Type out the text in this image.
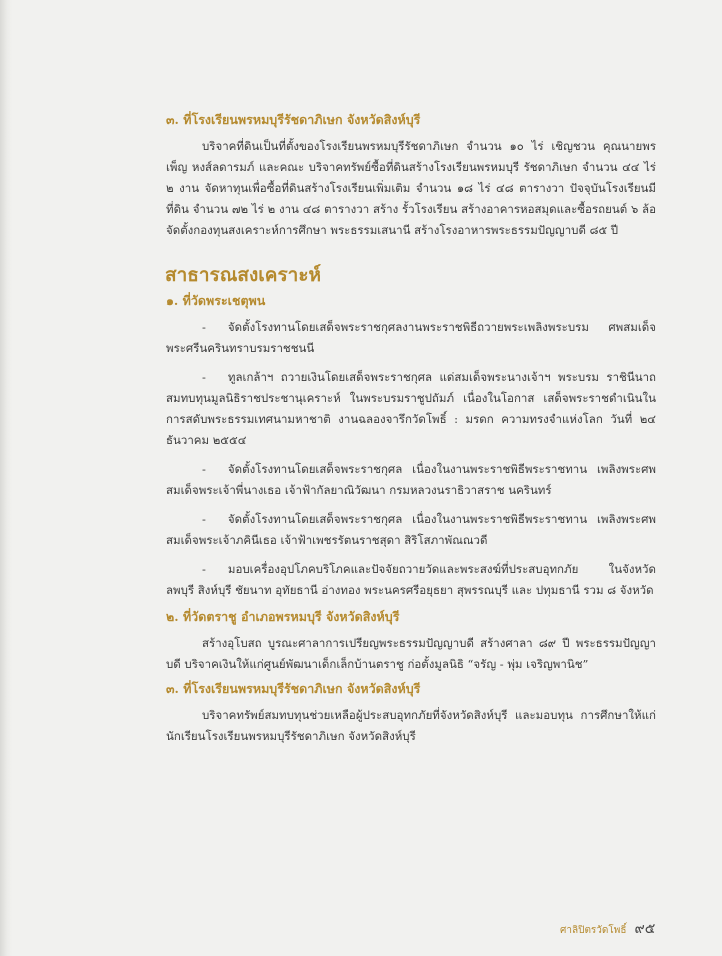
๓. ที่โรงเรียนพรหมบุรีรัชดาภิเษก จังหวัดสิงห์บุรี

บริจาคที่ดินเป็นที่ตั้งของโรงเรียนพรหมบุรีรัชดาภิเษก จำนวน ๑๐ ไร่ เชิญชวน คุณนายพรเพ็ญ หงส์ลดารมภ์ และคณะ บริจาคทรัพย์ซื้อที่ดินสร้างโรงเรียนพรหมบุรี รัชดาภิเษก จำนวน ๔๔ ไร่ ๒ งาน จัดหาทุนเพื่อซื้อที่ดินสร้างโรงเรียนเพิ่มเติม จำนวน ๑๘ ไร่ ๔๘ ตารางวา ปัจจุบันโรงเรียนมีที่ดิน จำนวน ๗๒ ไร่ ๒ งาน ๔๘ ตารางวา สร้าง รั้วโรงเรียน สร้างอาคารหอสมุดและซื้อรถยนต์ ๖ ล้อ จัดตั้งกองทุนสงเคราะห์การศึกษา พระธรรมเสนานี สร้างโรงอาหารพระธรรมปัญญาบดี ๘๕ ปี

สาธารณสงเคราะห์
๑. ที่วัดพระเชตุพน

- จัดตั้งโรงทานโดยเสด็จพระราชกุศลงานพระราชพิธีถวายพระเพลิงพระบรม ศพสมเด็จพระศรีนครินทราบรมราชชนนี

- ทูลเกล้าฯ ถวายเงินโดยเสด็จพระราชกุศล แด่สมเด็จพระนางเจ้าฯ พระบรม ราชินีนาถ สมทบทุนมูลนิธิราชประชานุเคราะห์ ในพระบรมราชูปถัมภ์ เนื่องในโอกาส เสด็จพระราชดำเนินในการสดับพระธรรมเทศนามหาชาติ งานฉลองจารึกวัดโพธิ์ : มรดก ความทรงจำแห่งโลก วันที่ ๒๔ ธันวาคม ๒๕๕๔

- จัดตั้งโรงทานโดยเสด็จพระราชกุศล เนื่องในงานพระราชพิธีพระราชทาน เพลิงพระศพ สมเด็จพระเจ้าพี่นางเธอ เจ้าฟ้ากัลยาณิวัฒนา กรมหลวงนราธิวาสราช นครินทร์

- จัดตั้งโรงทานโดยเสด็จพระราชกุศล เนื่องในงานพระราชพิธีพระราชทาน เพลิงพระศพ สมเด็จพระเจ้าภคินีเธอ เจ้าฟ้าเพชรรัตนราชสุดา สิริโสภาพัณณวดี

- มอบเครื่องอุปโภคบริโภคและปัจจัยถวายวัดและพระสงฆ์ที่ประสบอุทกภัย ในจังหวัดลพบุรี สิงห์บุรี ชัยนาท อุทัยธานี อ่างทอง พระนครศรีอยุธยา สุพรรณบุรี และ ปทุมธานี รวม ๘ จังหวัด

๒. ที่วัดตราชู อำเภอพรหมบุรี จังหวัดสิงห์บุรี

สร้างอุโบสถ บูรณะศาลาการเปรียญพระธรรมปัญญาบดี สร้างศาลา ๘๙ ปี พระธรรมปัญญาบดี บริจาคเงินให้แก่ศูนย์พัฒนาเด็กเล็กบ้านตราชู ก่อตั้งมูลนิธิ “จรัญ - พุ่ม เจริญพานิช”

๓. ที่โรงเรียนพรหมบุรีรัชดาภิเษก จังหวัดสิงห์บุรี

บริจาคทรัพย์สมทบทุนช่วยเหลือผู้ประสบอุทกภัยที่จังหวัดสิงห์บุรี และมอบทุน การศึกษาให้แก่นักเรียนโรงเรียนพรหมบุรีรัชดาภิเษก จังหวัดสิงห์บุรี

ศาลิปิตรวัดโพธิ์ ๙๕
